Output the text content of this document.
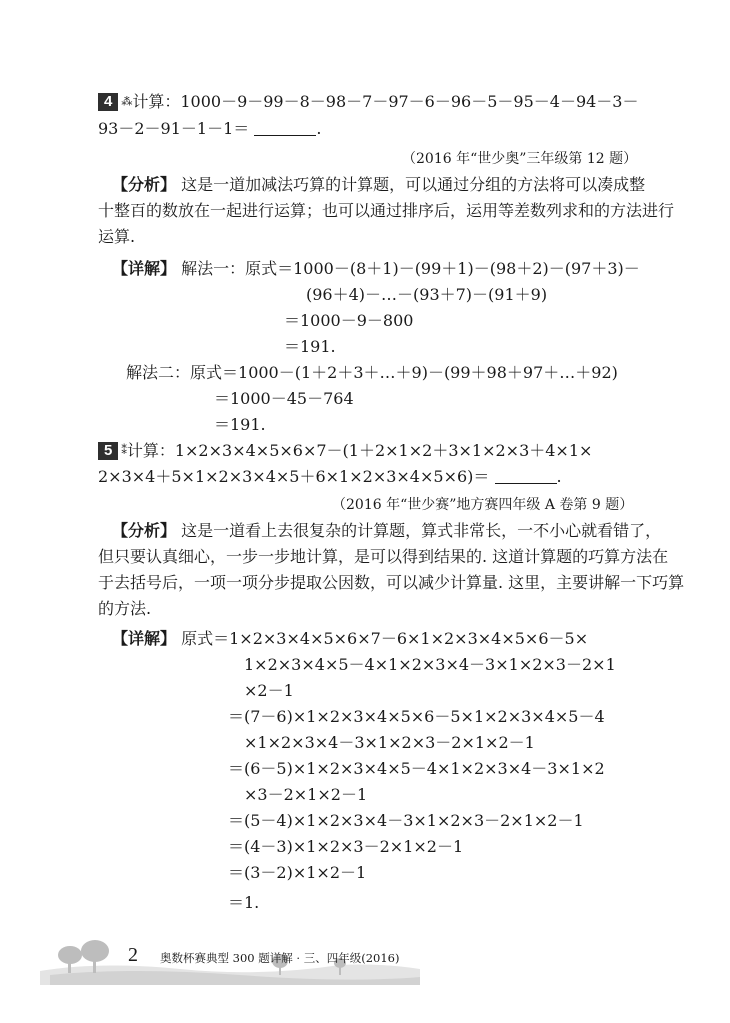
4 ⁂ 计算：1000－9－99－8－98－7－97－6－96－5－95－4－94－3－
93－2－91－1－1＝	.
（2016 年“世少奥”三年级第 12 题）
【分析】 这是一道加减法巧算的计算题，可以通过分组的方法将可以凑成整
十整百的数放在一起进行运算；也可以通过排序后，运用等差数列求和的方法进行
运算.
【详解】 解法一：原式＝1000－(8＋1)－(99＋1)－(98＋2)－(97＋3)－
(96＋4)－…－(93＋7)－(91＋9)
＝1000－9－800
＝191.
解法二：原式＝1000－(1＋2＋3＋…＋9)－(99＋98＋97＋…＋92)
＝1000－45－764
＝191.
5 ⁑ 计算：1×2×3×4×5×6×7－(1＋2×1×2＋3×1×2×3＋4×1×
2×3×4＋5×1×2×3×4×5＋6×1×2×3×4×5×6)＝	.
（2016 年“世少赛”地方赛四年级 A 卷第 9 题）
【分析】 这是一道看上去很复杂的计算题，算式非常长，一不小心就看错了，
但只要认真细心，一步一步地计算，是可以得到结果的. 这道计算题的巧算方法在
于去括号后，一项一项分步提取公因数，可以减少计算量. 这里，主要讲解一下巧算
的方法.
【详解】 原式＝1×2×3×4×5×6×7－6×1×2×3×4×5×6－5×
1×2×3×4×5－4×1×2×3×4－3×1×2×3－2×1
×2－1
＝(7－6)×1×2×3×4×5×6－5×1×2×3×4×5－4
×1×2×3×4－3×1×2×3－2×1×2－1
＝(6－5)×1×2×3×4×5－4×1×2×3×4－3×1×2
×3－2×1×2－1
＝(5－4)×1×2×3×4－3×1×2×3－2×1×2－1
＝(4－3)×1×2×3－2×1×2－1
＝(3－2)×1×2－1
＝1.
2 奥数杯赛典型 300 题详解 · 三、四年级(2016)
